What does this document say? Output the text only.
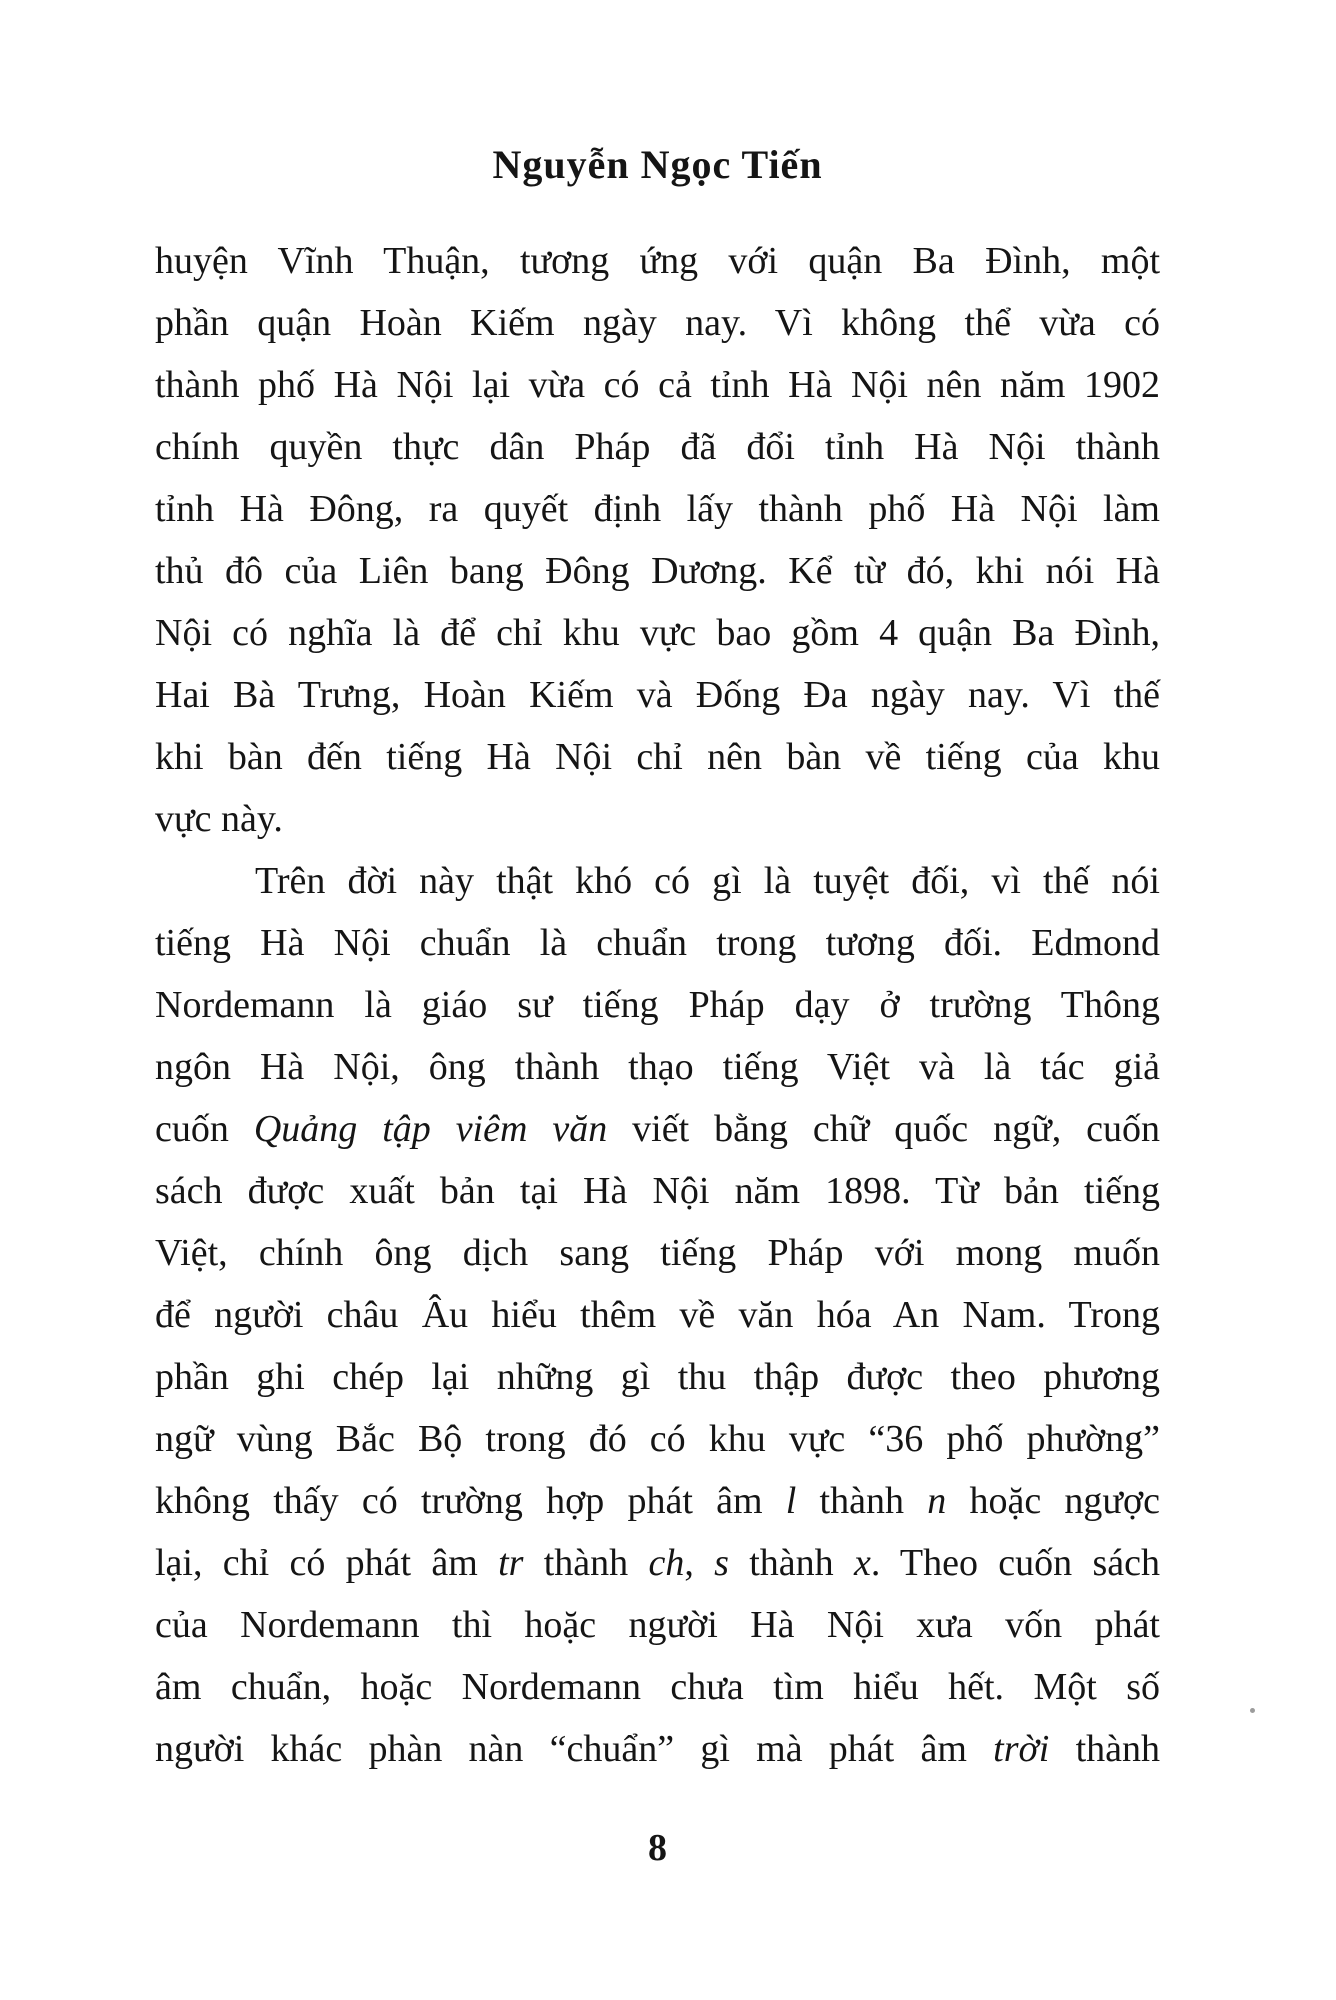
Nguyễn Ngọc Tiến
huyện Vĩnh Thuận, tương ứng với quận Ba Đình, một
phần quận Hoàn Kiếm ngày nay. Vì không thể vừa có
thành phố Hà Nội lại vừa có cả tỉnh Hà Nội nên năm 1902
chính quyền thực dân Pháp đã đổi tỉnh Hà Nội thành
tỉnh Hà Đông, ra quyết định lấy thành phố Hà Nội làm
thủ đô của Liên bang Đông Dương. Kể từ đó, khi nói Hà
Nội có nghĩa là để chỉ khu vực bao gồm 4 quận Ba Đình,
Hai Bà Trưng, Hoàn Kiếm và Đống Đa ngày nay. Vì thế
khi bàn đến tiếng Hà Nội chỉ nên bàn về tiếng của khu
vực này.
Trên đời này thật khó có gì là tuyệt đối, vì thế nói
tiếng Hà Nội chuẩn là chuẩn trong tương đối. Edmond
Nordemann là giáo sư tiếng Pháp dạy ở trường Thông
ngôn Hà Nội, ông thành thạo tiếng Việt và là tác giả
cuốn Quảng tập viêm văn viết bằng chữ quốc ngữ, cuốn
sách được xuất bản tại Hà Nội năm 1898. Từ bản tiếng
Việt, chính ông dịch sang tiếng Pháp với mong muốn
để người châu Âu hiểu thêm về văn hóa An Nam. Trong
phần ghi chép lại những gì thu thập được theo phương
ngữ vùng Bắc Bộ trong đó có khu vực “36 phố phường”
không thấy có trường hợp phát âm l thành n hoặc ngược
lại, chỉ có phát âm tr thành ch, s thành x. Theo cuốn sách
của Nordemann thì hoặc người Hà Nội xưa vốn phát
âm chuẩn, hoặc Nordemann chưa tìm hiểu hết. Một số
người khác phàn nàn “chuẩn” gì mà phát âm trời thành
8
